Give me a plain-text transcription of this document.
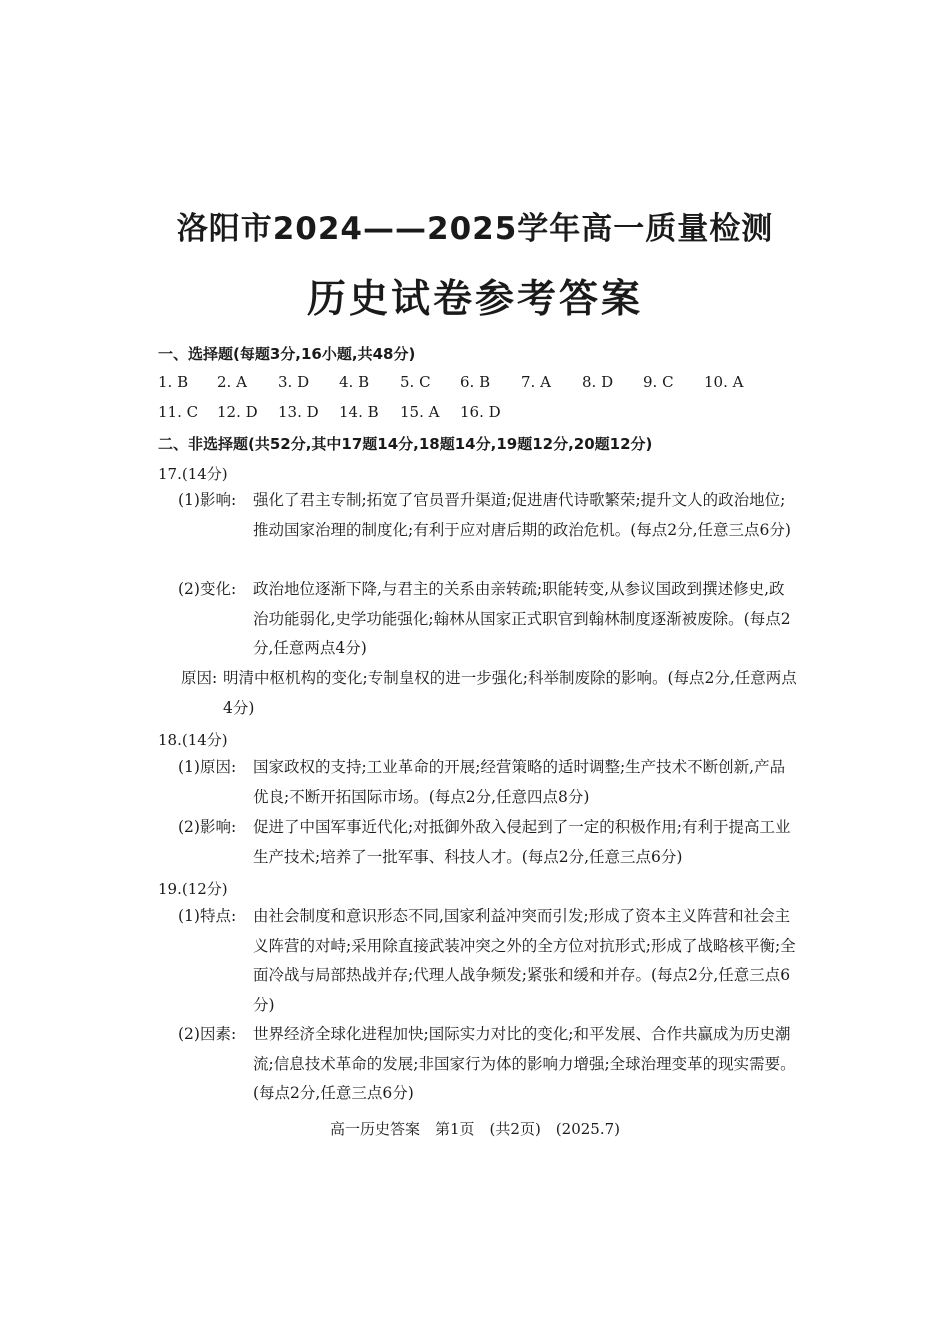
洛阳市2024——2025学年高一质量检测
历史试卷参考答案
一、选择题(每题3分,16小题,共48分)
1. B 2. A 3. D 4. B 5. C 6. B 7. A 8. D 9. C 10. A
11. C 12. D 13. D 14. B 15. A 16. D
二、非选择题(共52分,其中17题14分,18题14分,19题12分,20题12分)
17.(14分)
(1)影响: 强化了君主专制;拓宽了官员晋升渠道;促进唐代诗歌繁荣;提升文人的政治地位;推动国家治理的制度化;有利于应对唐后期的政治危机。(每点2分,任意三点6分)
(2)变化: 政治地位逐渐下降,与君主的关系由亲转疏;职能转变,从参议国政到撰述修史,政治功能弱化,史学功能强化;翰林从国家正式职官到翰林制度逐渐被废除。(每点2分,任意两点4分)
原因: 明清中枢机构的变化;专制皇权的进一步强化;科举制废除的影响。(每点2分,任意两点4分)
18.(14分)
(1)原因: 国家政权的支持;工业革命的开展;经营策略的适时调整;生产技术不断创新,产品优良;不断开拓国际市场。(每点2分,任意四点8分)
(2)影响: 促进了中国军事近代化;对抵御外敌入侵起到了一定的积极作用;有利于提高工业生产技术;培养了一批军事、科技人才。(每点2分,任意三点6分)
19.(12分)
(1)特点: 由社会制度和意识形态不同,国家利益冲突而引发;形成了资本主义阵营和社会主义阵营的对峙;采用除直接武装冲突之外的全方位对抗形式;形成了战略核平衡;全面冷战与局部热战并存;代理人战争频发;紧张和缓和并存。(每点2分,任意三点6分)
(2)因素: 世界经济全球化进程加快;国际实力对比的变化;和平发展、合作共赢成为历史潮流;信息技术革命的发展;非国家行为体的影响力增强;全球治理变革的现实需要。(每点2分,任意三点6分)
高一历史答案　第1页　(共2页)　(2025.7)
